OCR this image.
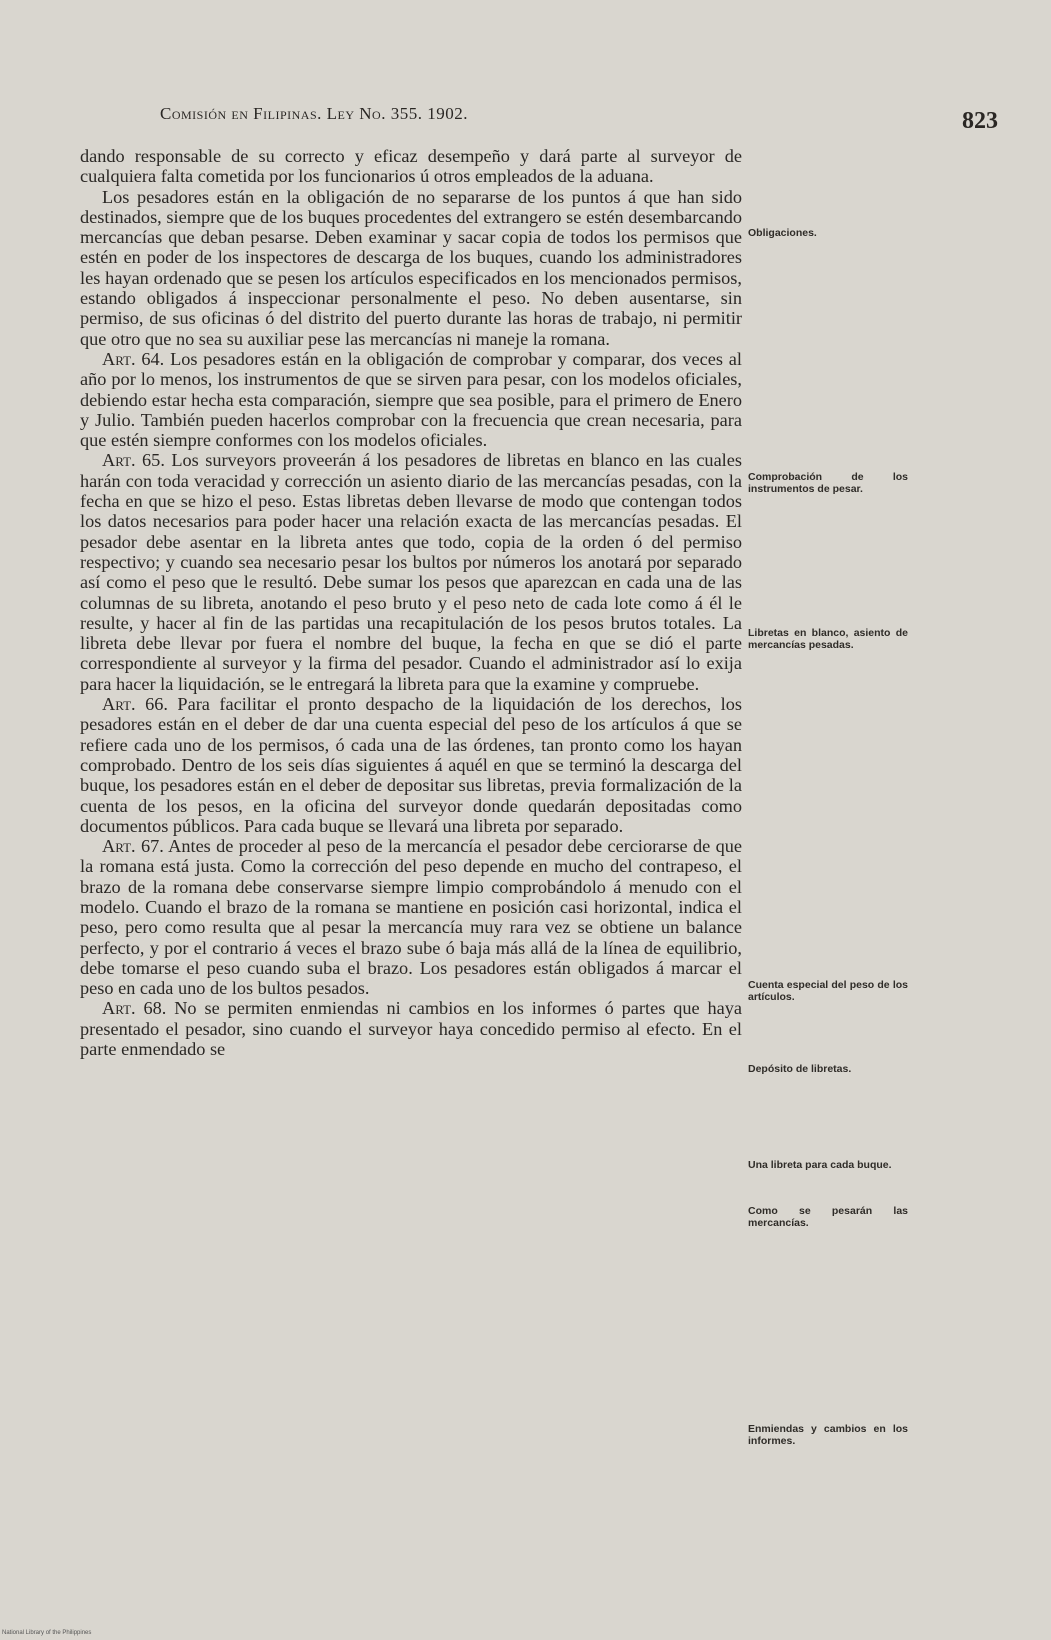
Comisión en Filipinas. Ley No. 355. 1902.	823

dando responsable de su correcto y eficaz desempeño y dará parte al surveyor de cualquiera falta cometida por los funcionarios ú otros empleados de la aduana.

Los pesadores están en la obligación de no separarse de los puntos á que han sido destinados, siempre que de los buques procedentes del extrangero se estén desembarcando mercancías que deban pesarse. Deben examinar y sacar copia de todos los permisos que estén en poder de los inspectores de descarga de los buques, cuando los administradores les hayan ordenado que se pesen los artículos especificados en los mencionados permisos, estando obligados á inspeccionar personalmente el peso. No deben ausentarse, sin permiso, de sus oficinas ó del distrito del puerto durante las horas de trabajo, ni permitir que otro que no sea su auxiliar pese las mercancías ni maneje la romana.

Art. 64. Los pesadores están en la obligación de comprobar y comparar, dos veces al año por lo menos, los instrumentos de que se sirven para pesar, con los modelos oficiales, debiendo estar hecha esta comparación, siempre que sea posible, para el primero de Enero y Julio. También pueden hacerlos comprobar con la frecuencia que crean necesaria, para que estén siempre conformes con los modelos oficiales.

Art. 65. Los surveyors proveerán á los pesadores de libretas en blanco en las cuales harán con toda veracidad y corrección un asiento diario de las mercancías pesadas, con la fecha en que se hizo el peso. Estas libretas deben llevarse de modo que contengan todos los datos necesarios para poder hacer una relación exacta de las mercancías pesadas. El pesador debe asentar en la libreta antes que todo, copia de la orden ó del permiso respectivo; y cuando sea necesario pesar los bultos por números los anotará por separado así como el peso que le resultó. Debe sumar los pesos que aparezcan en cada una de las columnas de su libreta, anotando el peso bruto y el peso neto de cada lote como á él le resulte, y hacer al fin de las partidas una recapitulación de los pesos brutos totales. La libreta debe llevar por fuera el nombre del buque, la fecha en que se dió el parte correspondiente al surveyor y la firma del pesador. Cuando el administrador así lo exija para hacer la liquidación, se le entregará la libreta para que la examine y compruebe.

Art. 66. Para facilitar el pronto despacho de la liquidación de los derechos, los pesadores están en el deber de dar una cuenta especial del peso de los artículos á que se refiere cada uno de los permisos, ó cada una de las órdenes, tan pronto como los hayan comprobado. Dentro de los seis días siguientes á aquél en que se terminó la descarga del buque, los pesadores están en el deber de depositar sus libretas, previa formalización de la cuenta de los pesos, en la oficina del surveyor donde quedarán depositadas como documentos públicos. Para cada buque se llevará una libreta por separado.

Art. 67. Antes de proceder al peso de la mercancía el pesador debe cerciorarse de que la romana está justa. Como la corrección del peso depende en mucho del contrapeso, el brazo de la romana debe conservarse siempre limpio comprobándolo á menudo con el modelo. Cuando el brazo de la romana se mantiene en posición casi horizontal, indica el peso, pero como resulta que al pesar la mercancía muy rara vez se obtiene un balance perfecto, y por el contrario á veces el brazo sube ó baja más allá de la línea de equilibrio, debe tomarse el peso cuando suba el brazo. Los pesadores están obligados á marcar el peso en cada uno de los bultos pesados.

Art. 68. No se permiten enmiendas ni cambios en los informes ó partes que haya presentado el pesador, sino cuando el surveyor haya concedido permiso al efecto. En el parte enmendado se

Obligaciones.
Comprobación de los instrumentos de pesar.
Libretas en blanco, asiento de mercancías pesadas.
Cuenta especial del peso de los artículos.
Depósito de libretas.
Una libreta para cada buque.
Como se pesarán las mercancías.
Enmiendas y cambios en los informes.
National Library of the Philippines
